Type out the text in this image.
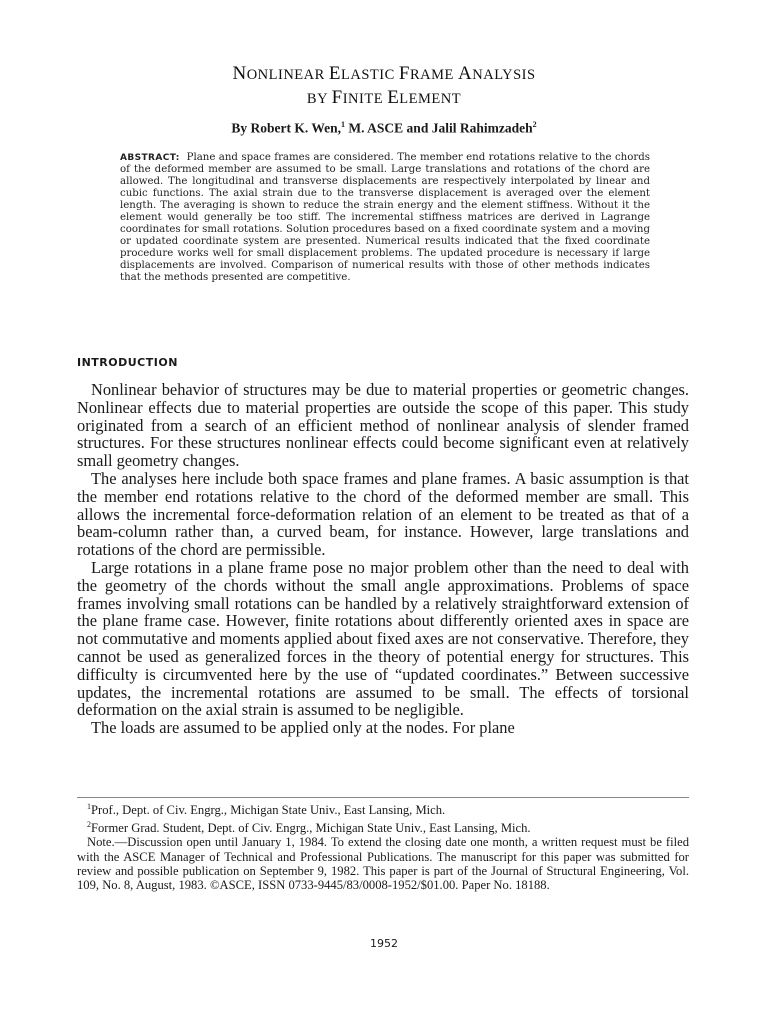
NONLINEAR ELASTIC FRAME ANALYSIS
BY FINITE ELEMENT
By Robert K. Wen,$^1$ M. ASCE and Jalil Rahimzadeh$^2$
ABSTRACT: Plane and space frames are considered. The member end rotations relative to the chords of the deformed member are assumed to be small. Large translations and rotations of the chord are allowed. The longitudinal and transverse displacements are respectively interpolated by linear and cubic functions. The axial strain due to the transverse displacement is averaged over the element length. The averaging is shown to reduce the strain energy and the element stiffness. Without it the element would generally be too stiff. The incremental stiffness matrices are derived in Lagrange coordinates for small rotations. Solution procedures based on a fixed coordinate system and a moving or updated coordinate system are presented. Numerical results indicated that the fixed coordinate procedure works well for small displacement problems. The updated procedure is necessary if large displacements are involved. Comparison of numerical results with those of other methods indicates that the methods presented are competitive.
INTRODUCTION

Nonlinear behavior of structures may be due to material properties or geometric changes. Nonlinear effects due to material properties are outside the scope of this paper. This study originated from a search of an efficient method of nonlinear analysis of slender framed structures. For these structures nonlinear effects could become significant even at relatively small geometry changes.

The analyses here include both space frames and plane frames. A basic assumption is that the member end rotations relative to the chord of the deformed member are small. This allows the incremental force-deformation relation of an element to be treated as that of a beam-column rather than, a curved beam, for instance. However, large translations and rotations of the chord are permissible.

Large rotations in a plane frame pose no major problem other than the need to deal with the geometry of the chords without the small angle approximations. Problems of space frames involving small rotations can be handled by a relatively straightforward extension of the plane frame case. However, finite rotations about differently oriented axes in space are not commutative and moments applied about fixed axes are not conservative. Therefore, they cannot be used as generalized forces in the theory of potential energy for structures. This difficulty is circumvented here by the use of “updated coordinates.” Between successive updates, the incremental rotations are assumed to be small. The effects of torsional deformation on the axial strain is assumed to be negligible.

The loads are assumed to be applied only at the nodes. For plane

$^1$Prof., Dept. of Civ. Engrg., Michigan State Univ., East Lansing, Mich.

$^2$Former Grad. Student, Dept. of Civ. Engrg., Michigan State Univ., East Lansing, Mich.

Note.—Discussion open until January 1, 1984. To extend the closing date one month, a written request must be filed with the ASCE Manager of Technical and Professional Publications. The manuscript for this paper was submitted for review and possible publication on September 9, 1982. This paper is part of the Journal of Structural Engineering, Vol. 109, No. 8, August, 1983. ©ASCE, ISSN 0733-9445/83/0008-1952/$01.00. Paper No. 18188.

1952
